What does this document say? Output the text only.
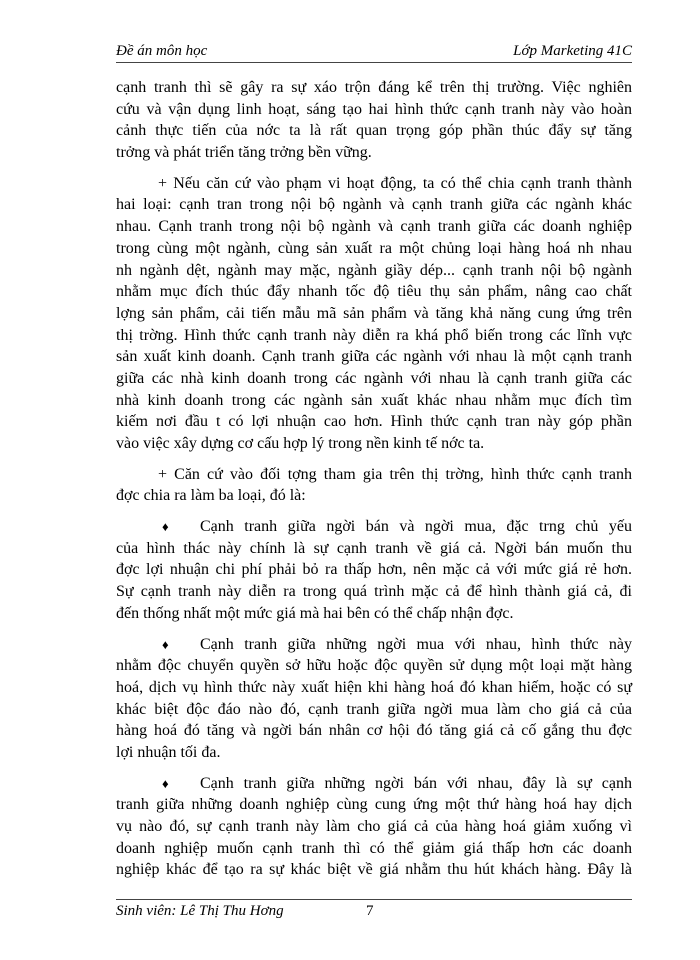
Đề án môn học	Lớp Marketing 41C
cạnh tranh thì sẽ gây ra sự xáo trộn đáng kể trên thị trường. Việc nghiên
cứu và vận dụng linh hoạt, sáng tạo hai hình thức cạnh tranh này vào hoàn
cảnh thực tiến của nớc ta là rất quan trọng góp phần thúc đẩy sự tăng
trởng và phát triển tăng trởng bền vững.
+ Nếu căn cứ vào phạm vi hoạt động, ta có thể chia cạnh tranh thành
hai loại: cạnh tran trong nội bộ ngành và cạnh tranh giữa các ngành khác
nhau. Cạnh tranh trong nội bộ ngành và cạnh tranh giữa các doanh nghiệp
trong cùng một ngành, cùng sản xuất ra một chủng loại hàng hoá nh nhau
nh ngành dệt, ngành may mặc, ngành giầy dép... cạnh tranh nội bộ ngành
nhằm mục đích thúc đẩy nhanh tốc độ tiêu thụ sản phẩm, nâng cao chất
lợng sản phẩm, cải tiến mẫu mã sản phẩm và tăng khả năng cung ứng trên
thị trờng. Hình thức cạnh tranh này diễn ra khá phổ biến trong các lĩnh vực
sản xuất kinh doanh. Cạnh tranh giữa các ngành với nhau là một cạnh tranh
giữa các nhà kinh doanh trong các ngành với nhau là cạnh tranh giữa các
nhà kinh doanh trong các ngành sản xuất khác nhau nhằm mục đích tìm
kiếm nơi đầu t có lợi nhuận cao hơn. Hình thức cạnh tran này góp phần
vào việc xây dựng cơ cấu hợp lý trong nền kinh tế nớc ta.
+ Căn cứ vào đối tợng tham gia trên thị trờng, hình thức cạnh tranh
đợc chia ra làm ba loại, đó là:
♦ Cạnh tranh giữa ngời bán và ngời mua, đặc trng chủ yếu
của hình thác này chính là sự cạnh tranh về giá cả. Ngời bán muốn thu
đợc lợi nhuận chi phí phải bỏ ra thấp hơn, nên mặc cả với mức giá rẻ hơn.
Sự cạnh tranh này diễn ra trong quá trình mặc cả để hình thành giá cả, đi
đến thống nhất một mức giá mà hai bên có thể chấp nhận đợc.
♦ Cạnh tranh giữa những ngời mua với nhau, hình thức này
nhằm độc chuyển quyền sở hữu hoặc độc quyền sử dụng một loại mặt hàng
hoá, dịch vụ hình thức này xuất hiện khi hàng hoá đó khan hiếm, hoặc có sự
khác biệt độc đáo nào đó, cạnh tranh giữa ngời mua làm cho giá cả của
hàng hoá đó tăng và ngời bán nhân cơ hội đó tăng giá cả cố gắng thu đợc
lợi nhuận tối đa.
♦ Cạnh tranh giữa những ngời bán với nhau, đây là sự cạnh
tranh giữa những doanh nghiệp cùng cung ứng một thứ hàng hoá hay dịch
vụ nào đó, sự cạnh tranh này làm cho giá cả của hàng hoá giảm xuống vì
doanh nghiệp muốn cạnh tranh thì có thể giảm giá thấp hơn các doanh
nghiệp khác để tạo ra sự khác biệt về giá nhằm thu hút khách hàng. Đây là
Sinh viên: Lê Thị Thu Hơng	7
